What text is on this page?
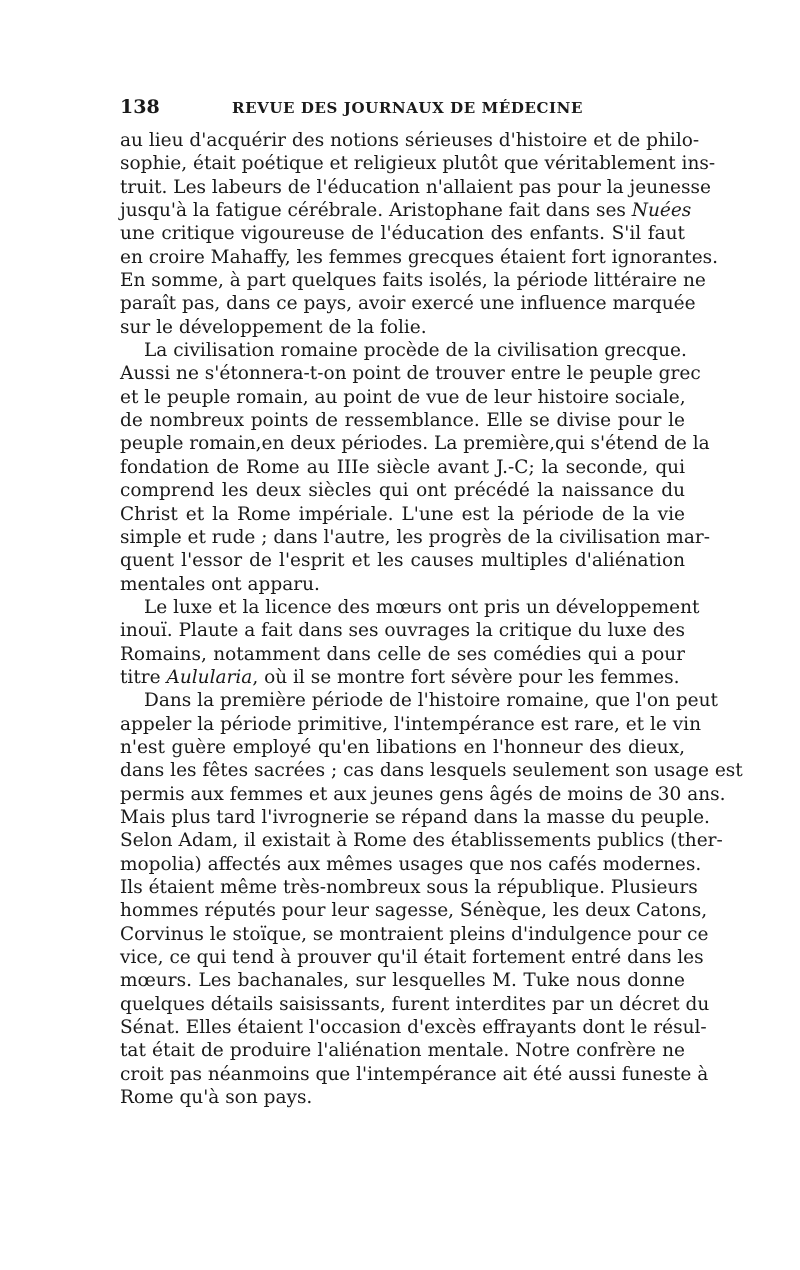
138	REVUE DES JOURNAUX DE MÉDECINE
au lieu d'acquérir des notions sérieuses d'histoire et de philo-
sophie, était poétique et religieux plutôt que véritablement ins-
truit. Les labeurs de l'éducation n'allaient pas pour la jeunesse
jusqu'à la fatigue cérébrale. Aristophane fait dans ses Nuées
une critique vigoureuse de l'éducation des enfants. S'il faut
en croire Mahaffy, les femmes grecques étaient fort ignorantes.
En somme, à part quelques faits isolés, la période littéraire ne
paraît pas, dans ce pays, avoir exercé une influence marquée
sur le développement de la folie.
La civilisation romaine procède de la civilisation grecque.
Aussi ne s'étonnera-t-on point de trouver entre le peuple grec
et le peuple romain, au point de vue de leur histoire sociale,
de nombreux points de ressemblance. Elle se divise pour le
peuple romain,en deux périodes. La première,qui s'étend de la
fondation de Rome au IIIe siècle avant J.-C; la seconde, qui
comprend les deux siècles qui ont précédé la naissance du
Christ et la Rome impériale. L'une est la période de la vie
simple et rude ; dans l'autre, les progrès de la civilisation mar-
quent l'essor de l'esprit et les causes multiples d'aliénation
mentales ont apparu.
Le luxe et la licence des mœurs ont pris un développement
inouï. Plaute a fait dans ses ouvrages la critique du luxe des
Romains, notamment dans celle de ses comédies qui a pour
titre Aulularia, où il se montre fort sévère pour les femmes.
Dans la première période de l'histoire romaine, que l'on peut
appeler la période primitive, l'intempérance est rare, et le vin
n'est guère employé qu'en libations en l'honneur des dieux,
dans les fêtes sacrées ; cas dans lesquels seulement son usage est
permis aux femmes et aux jeunes gens âgés de moins de 30 ans.
Mais plus tard l'ivrognerie se répand dans la masse du peuple.
Selon Adam, il existait à Rome des établissements publics (ther-
mopolia) affectés aux mêmes usages que nos cafés modernes.
Ils étaient même très-nombreux sous la république. Plusieurs
hommes réputés pour leur sagesse, Sénèque, les deux Catons,
Corvinus le stoïque, se montraient pleins d'indulgence pour ce
vice, ce qui tend à prouver qu'il était fortement entré dans les
mœurs. Les bachanales, sur lesquelles M. Tuke nous donne
quelques détails saisissants, furent interdites par un décret du
Sénat. Elles étaient l'occasion d'excès effrayants dont le résul-
tat était de produire l'aliénation mentale. Notre confrère ne
croit pas néanmoins que l'intempérance ait été aussi funeste à
Rome qu'à son pays.
